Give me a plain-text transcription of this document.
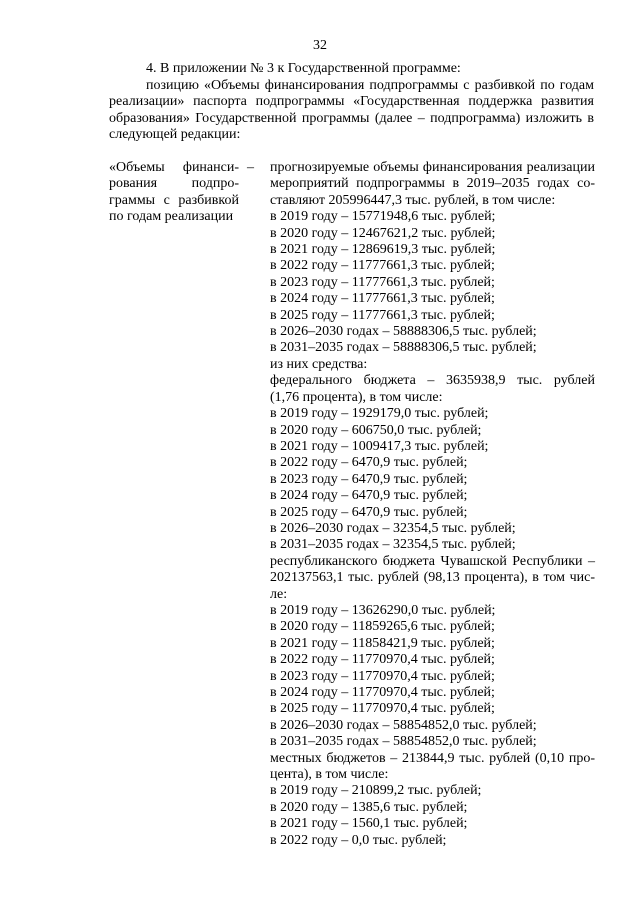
32

4. В приложении № 3 к Государственной программе:

позицию «Объемы финансирования подпрограммы с разбивкой по годам реализации» паспорта подпрограммы «Государственная поддержка развития образования» Государственной программы (далее – подпрограмма) изложить в следующей редакции:

«Объемы финанси-
рования подпро-
граммы с разбивкой
по годам реализации
– прогнозируемые объемы финансирования реализации

мероприятий подпрограммы в 2019–2035 годах со-

ставляют 205996447,3 тыс. рублей, в том числе:

в 2019 году – 15771948,6 тыс. рублей;

в 2020 году – 12467621,2 тыс. рублей;

в 2021 году – 12869619,3 тыс. рублей;

в 2022 году – 11777661,3 тыс. рублей;

в 2023 году – 11777661,3 тыс. рублей;

в 2024 году – 11777661,3 тыс. рублей;

в 2025 году – 11777661,3 тыс. рублей;

в 2026–2030 годах – 58888306,5 тыс. рублей;

в 2031–2035 годах – 58888306,5 тыс. рублей;

из них средства:

федерального бюджета – 3635938,9 тыс. рублей

(1,76 процента), в том числе:

в 2019 году – 1929179,0 тыс. рублей;

в 2020 году – 606750,0 тыс. рублей;

в 2021 году – 1009417,3 тыс. рублей;

в 2022 году – 6470,9 тыс. рублей;

в 2023 году – 6470,9 тыс. рублей;

в 2024 году – 6470,9 тыс. рублей;

в 2025 году – 6470,9 тыс. рублей;

в 2026–2030 годах – 32354,5 тыс. рублей;

в 2031–2035 годах – 32354,5 тыс. рублей;

республиканского бюджета Чувашской Республики –

202137563,1 тыс. рублей (98,13 процента), в том чис-

ле:

в 2019 году – 13626290,0 тыс. рублей;

в 2020 году – 11859265,6 тыс. рублей;

в 2021 году – 11858421,9 тыс. рублей;

в 2022 году – 11770970,4 тыс. рублей;

в 2023 году – 11770970,4 тыс. рублей;

в 2024 году – 11770970,4 тыс. рублей;

в 2025 году – 11770970,4 тыс. рублей;

в 2026–2030 годах – 58854852,0 тыс. рублей;

в 2031–2035 годах – 58854852,0 тыс. рублей;

местных бюджетов – 213844,9 тыс. рублей (0,10 про-

цента), в том числе:

в 2019 году – 210899,2 тыс. рублей;

в 2020 году – 1385,6 тыс. рублей;

в 2021 году – 1560,1 тыс. рублей;

в 2022 году – 0,0 тыс. рублей;
